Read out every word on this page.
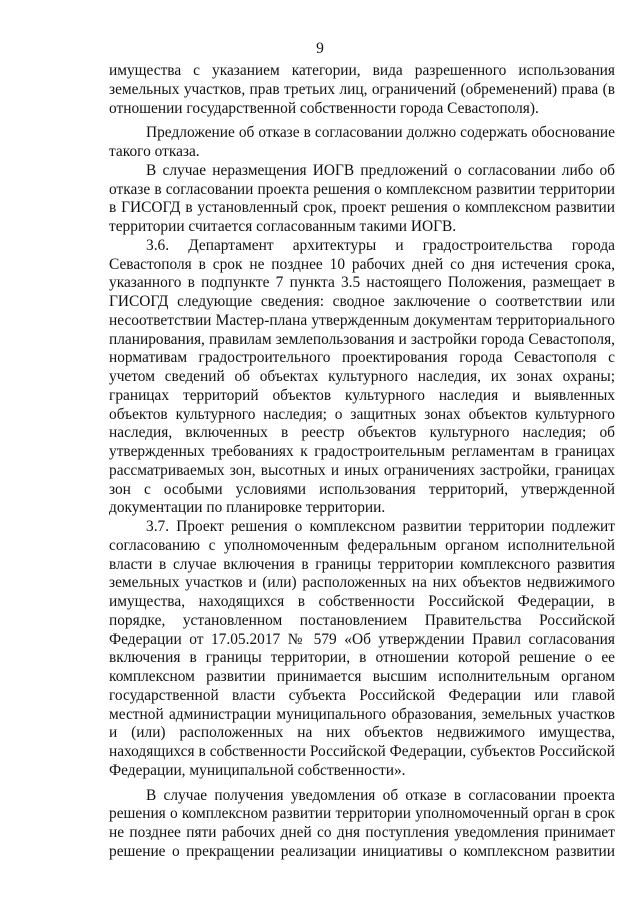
9

имущества с указанием категории, вида разрешенного использования земельных участков, прав третьих лиц, ограничений (обременений) права (в отношении государственной собственности города Севастополя).

Предложение об отказе в согласовании должно содержать обоснование такого отказа.

В случае неразмещения ИОГВ предложений о согласовании либо об отказе в согласовании проекта решения о комплексном развитии территории в ГИСОГД в установленный срок, проект решения о комплексном развитии территории считается согласованным такими ИОГВ.

3.6. Департамент архитектуры и градостроительства города Севастополя в срок не позднее 10 рабочих дней со дня истечения срока, указанного в подпункте 7 пункта 3.5 настоящего Положения, размещает в ГИСОГД следующие сведения: сводное заключение о соответствии или несоответствии Мастер-плана утвержденным документам территориального планирования, правилам землепользования и застройки города Севастополя, нормативам градостроительного проектирования города Севастополя с учетом сведений об объектах культурного наследия, их зонах охраны; границах территорий объектов культурного наследия и выявленных объектов культурного наследия; о защитных зонах объектов культурного наследия, включенных в реестр объектов культурного наследия; об утвержденных требованиях к градостроительным регламентам в границах рассматриваемых зон, высотных и иных ограничениях застройки, границах зон с особыми условиями использования территорий, утвержденной документации по планировке территории.

3.7. Проект решения о комплексном развитии территории подлежит согласованию с уполномоченным федеральным органом исполнительной власти в случае включения в границы территории комплексного развития земельных участков и (или) расположенных на них объектов недвижимого имущества, находящихся в собственности Российской Федерации, в порядке, установленном постановлением Правительства Российской Федерации от 17.05.2017 № 579 «Об утверждении Правил согласования включения в границы территории, в отношении которой решение о ее комплексном развитии принимается высшим исполнительным органом государственной власти субъекта Российской Федерации или главой местной администрации муниципального образования, земельных участков и (или) расположенных на них объектов недвижимого имущества, находящихся в собственности Российской Федерации, субъектов Российской Федерации, муниципальной собственности».

В случае получения уведомления об отказе в согласовании проекта решения о комплексном развитии территории уполномоченный орган в срок не позднее пяти рабочих дней со дня поступления уведомления принимает решение о прекращении реализации инициативы о комплексном развитии
